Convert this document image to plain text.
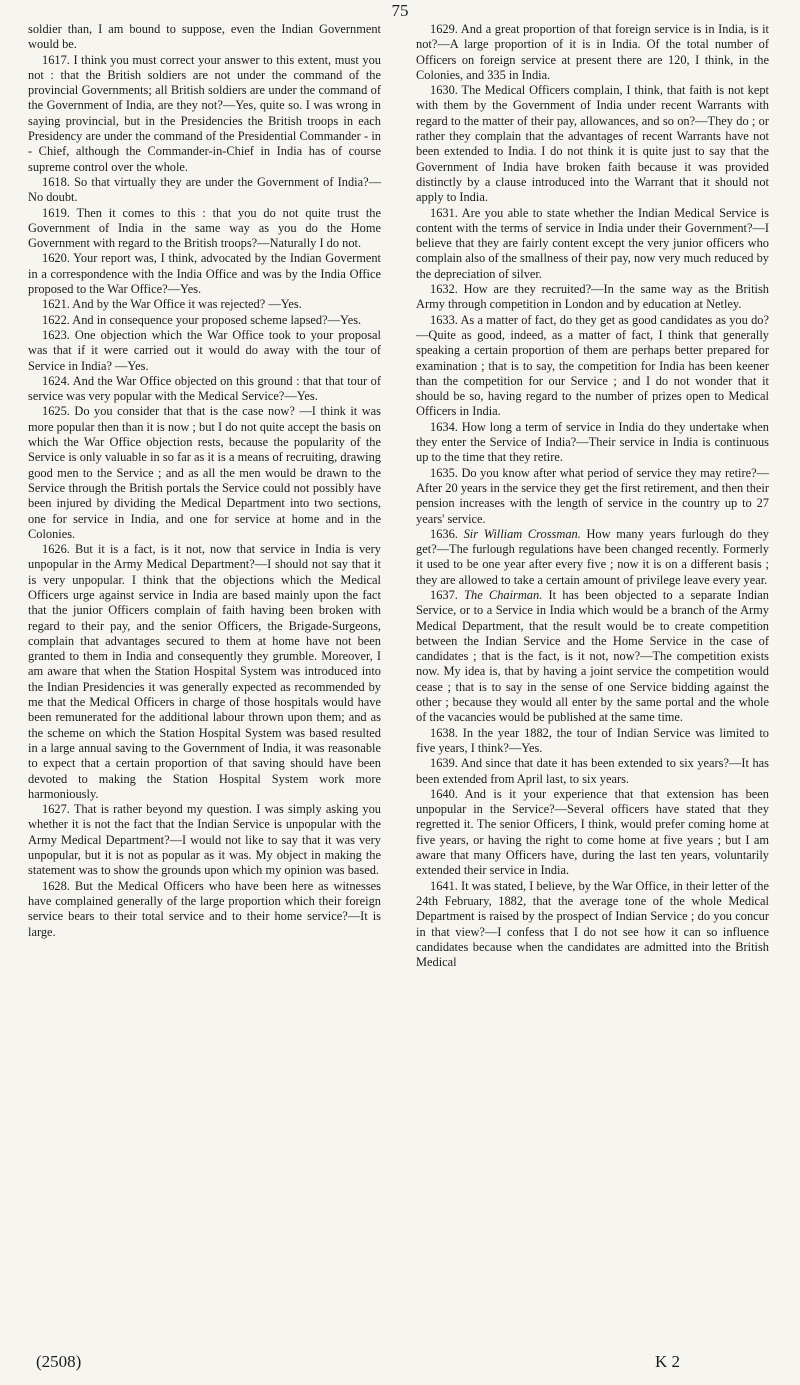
75

soldier than, I am bound to suppose, even the Indian Government would be.

1617. I think you must correct your answer to this extent, must you not : that the British soldiers are not under the command of the provincial Governments; all British soldiers are under the command of the Government of India, are they not?—Yes, quite so. I was wrong in saying provincial, but in the Presidencies the British troops in each Presidency are under the command of the Presidential Commander - in - Chief, although the Commander-in-Chief in India has of course supreme control over the whole.

1618. So that virtually they are under the Government of India?—No doubt.

1619. Then it comes to this : that you do not quite trust the Government of India in the same way as you do the Home Government with regard to the British troops?—Naturally I do not.

1620. Your report was, I think, advocated by the Indian Goverment in a correspondence with the India Office and was by the India Office proposed to the War Office?—Yes.

1621. And by the War Office it was rejected? —Yes.

1622. And in consequence your proposed scheme lapsed?—Yes.

1623. One objection which the War Office took to your proposal was that if it were carried out it would do away with the tour of Service in India? —Yes.

1624. And the War Office objected on this ground : that that tour of service was very popular with the Medical Service?—Yes.

1625. Do you consider that that is the case now? —I think it was more popular then than it is now ; but I do not quite accept the basis on which the War Office objection rests, because the popularity of the Service is only valuable in so far as it is a means of recruiting, drawing good men to the Service ; and as all the men would be drawn to the Service through the British portals the Service could not possibly have been injured by dividing the Medical Department into two sections, one for service in India, and one for service at home and in the Colonies.

1626. But it is a fact, is it not, now that service in India is very unpopular in the Army Medical Department?—I should not say that it is very unpopular. I think that the objections which the Medical Officers urge against service in India are based mainly upon the fact that the junior Officers complain of faith having been broken with regard to their pay, and the senior Officers, the Brigade-Surgeons, complain that advantages secured to them at home have not been granted to them in India and consequently they grumble. Moreover, I am aware that when the Station Hospital System was introduced into the Indian Presidencies it was generally expected as recommended by me that the Medical Officers in charge of those hospitals would have been remunerated for the additional labour thrown upon them; and as the scheme on which the Station Hospital System was based resulted in a large annual saving to the Government of India, it was reasonable to expect that a certain proportion of that saving should have been devoted to making the Station Hospital System work more harmoniously.

1627. That is rather beyond my question. I was simply asking you whether it is not the fact that the Indian Service is unpopular with the Army Medical Department?—I would not like to say that it was very unpopular, but it is not as popular as it was. My object in making the statement was to show the grounds upon which my opinion was based.

1628. But the Medical Officers who have been here as witnesses have complained generally of the large proportion which their foreign service bears to their total service and to their home service?—It is large.

1629. And a great proportion of that foreign service is in India, is it not?—A large proportion of it is in India. Of the total number of Officers on foreign service at present there are 120, I think, in the Colonies, and 335 in India.

1630. The Medical Officers complain, I think, that faith is not kept with them by the Government of India under recent Warrants with regard to the matter of their pay, allowances, and so on?—They do ; or rather they complain that the advantages of recent Warrants have not been extended to India. I do not think it is quite just to say that the Government of India have broken faith because it was provided distinctly by a clause introduced into the Warrant that it should not apply to India.

1631. Are you able to state whether the Indian Medical Service is content with the terms of service in India under their Government?—I believe that they are fairly content except the very junior officers who complain also of the smallness of their pay, now very much reduced by the depreciation of silver.

1632. How are they recruited?—In the same way as the British Army through competition in London and by education at Netley.

1633. As a matter of fact, do they get as good candidates as you do?—Quite as good, indeed, as a matter of fact, I think that generally speaking a certain proportion of them are perhaps better prepared for examination ; that is to say, the competition for India has been keener than the competition for our Service ; and I do not wonder that it should be so, having regard to the number of prizes open to Medical Officers in India.

1634. How long a term of service in India do they undertake when they enter the Service of India?—Their service in India is continuous up to the time that they retire.

1635. Do you know after what period of service they may retire?—After 20 years in the service they get the first retirement, and then their pension increases with the length of service in the country up to 27 years' service.

1636. Sir William Crossman. How many years furlough do they get?—The furlough regulations have been changed recently. Formerly it used to be one year after every five ; now it is on a different basis ; they are allowed to take a certain amount of privilege leave every year.

1637. The Chairman. It has been objected to a separate Indian Service, or to a Service in India which would be a branch of the Army Medical Department, that the result would be to create competition between the Indian Service and the Home Service in the case of candidates ; that is the fact, is it not, now?—The competition exists now. My idea is, that by having a joint service the competition would cease ; that is to say in the sense of one Service bidding against the other ; because they would all enter by the same portal and the whole of the vacancies would be published at the same time.

1638. In the year 1882, the tour of Indian Service was limited to five years, I think?—Yes.

1639. And since that date it has been extended to six years?—It has been extended from April last, to six years.

1640. And is it your experience that that extension has been unpopular in the Service?—Several officers have stated that they regretted it. The senior Officers, I think, would prefer coming home at five years, or having the right to come home at five years ; but I am aware that many Officers have, during the last ten years, voluntarily extended their service in India.

1641. It was stated, I believe, by the War Office, in their letter of the 24th February, 1882, that the average tone of the whole Medical Department is raised by the prospect of Indian Service ; do you concur in that view?—I confess that I do not see how it can so influence candidates because when the candidates are admitted into the British Medical

(2508)	K 2
